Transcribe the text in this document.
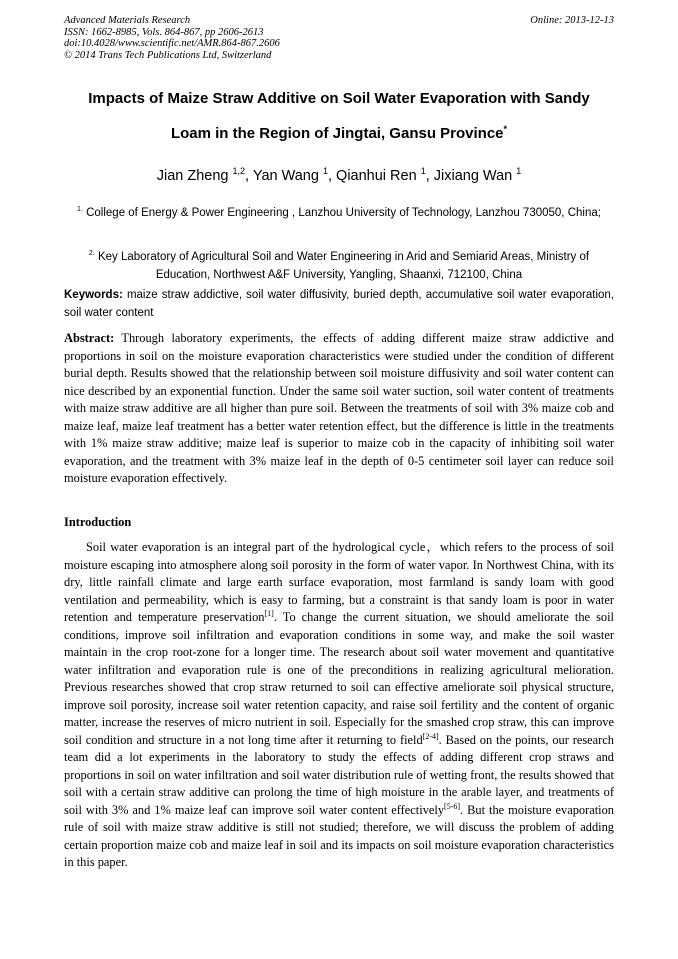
Advanced Materials Research
ISSN: 1662-8985, Vols. 864-867, pp 2606-2613
doi:10.4028/www.scientific.net/AMR.864-867.2606
© 2014 Trans Tech Publications Ltd, Switzerland
Online: 2013-12-13
Impacts of Maize Straw Additive on Soil Water Evaporation with Sandy
Loam in the Region of Jingtai, Gansu Province*
Jian Zheng $^{1,2}$, Yan Wang $^1$, Qianhui Ren $^1$, Jixiang Wan $^1$
$^{1.}$ College of Energy & Power Engineering , Lanzhou University of Technology, Lanzhou 730050, China;
$^{2.}$ Key Laboratory of Agricultural Soil and Water Engineering in Arid and Semiarid Areas, Ministry of Education, Northwest A&F University, Yangling, Shaanxi, 712100, China
Keywords: maize straw addictive, soil water diffusivity, buried depth, accumulative soil water evaporation, soil water content
Abstract: Through laboratory experiments, the effects of adding different maize straw addictive and proportions in soil on the moisture evaporation characteristics were studied under the condition of different burial depth. Results showed that the relationship between soil moisture diffusivity and soil water content can nice described by an exponential function. Under the same soil water suction, soil water content of treatments with maize straw additive are all higher than pure soil. Between the treatments of soil with 3% maize cob and maize leaf, maize leaf treatment has a better water retention effect, but the difference is little in the treatments with 1% maize straw additive; maize leaf is superior to maize cob in the capacity of inhibiting soil water evaporation, and the treatment with 3% maize leaf in the depth of 0-5 centimeter soil layer can reduce soil moisture evaporation effectively.
Introduction

Soil water evaporation is an integral part of the hydrological cycle，which refers to the process of soil moisture escaping into atmosphere along soil porosity in the form of water vapor. In Northwest China, with its dry, little rainfall climate and large earth surface evaporation, most farmland is sandy loam with good ventilation and permeability, which is easy to farming, but a constraint is that sandy loam is poor in water retention and temperature preservation[1]. To change the current situation, we should ameliorate the soil conditions, improve soil infiltration and evaporation conditions in some way, and make the soil waster maintain in the crop root-zone for a longer time. The research about soil water movement and quantitative water infiltration and evaporation rule is one of the preconditions in realizing agricultural melioration. Previous researches showed that crop straw returned to soil can effective ameliorate soil physical structure, improve soil porosity, increase soil water retention capacity, and raise soil fertility and the content of organic matter, increase the reserves of micro nutrient in soil. Especially for the smashed crop straw, this can improve soil condition and structure in a not long time after it returning to field[2-4]. Based on the points, our research team did a lot experiments in the laboratory to study the effects of adding different crop straws and proportions in soil on water infiltration and soil water distribution rule of wetting front, the results showed that soil with a certain straw additive can prolong the time of high moisture in the arable layer, and treatments of soil with 3% and 1% maize leaf can improve soil water content effectively[5-6]. But the moisture evaporation rule of soil with maize straw additive is still not studied; therefore, we will discuss the problem of adding certain proportion maize cob and maize leaf in soil and its impacts on soil moisture evaporation characteristics in this paper.
